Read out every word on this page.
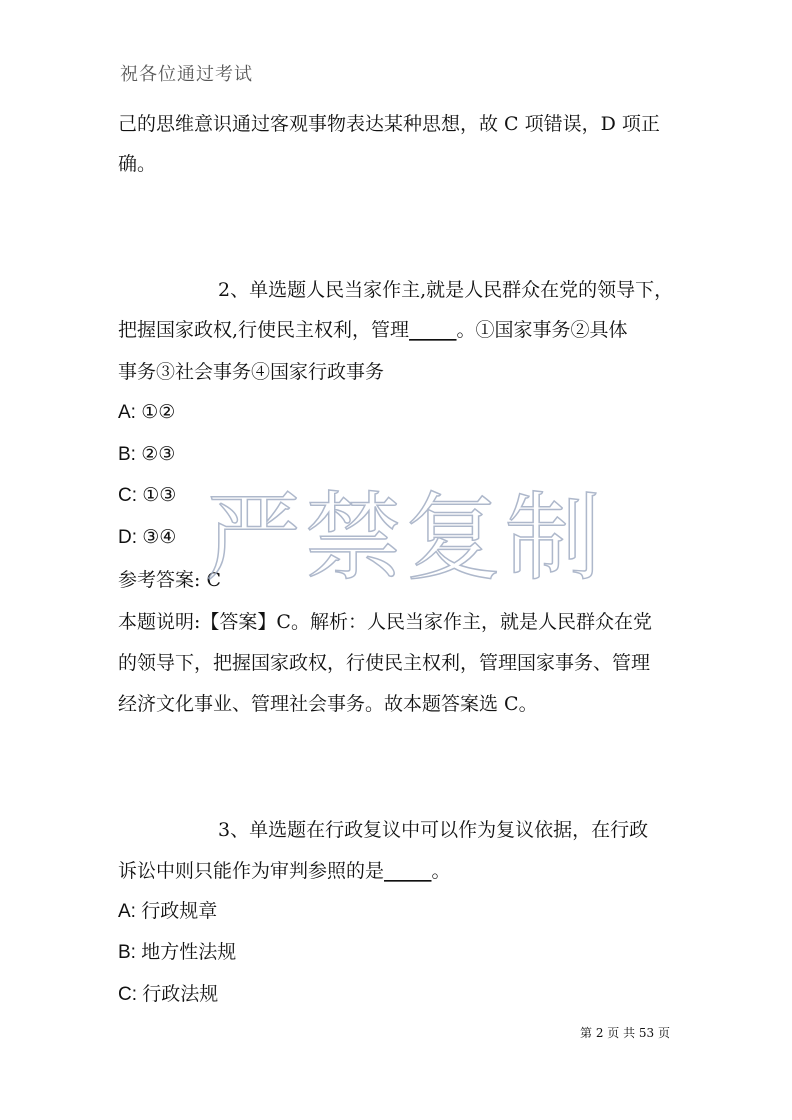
祝各位通过考试
己的思维意识通过客观事物表达某种思想，故 C 项错误，D 项正
确。
2、单选题人民当家作主,就是人民群众在党的领导下，
把握国家政权,行使民主权利，管理_____。①国家事务②具体
事务③社会事务④国家行政事务
A: ①②
B: ②③
C: ①③
D: ③④
参考答案: C
本题说明:【答案】C。解析：人民当家作主，就是人民群众在党
的领导下，把握国家政权，行使民主权利，管理国家事务、管理
经济文化事业、管理社会事务。故本题答案选 C。
3、单选题在行政复议中可以作为复议依据，在行政
诉讼中则只能作为审判参照的是_____。
A: 行政规章
B: 地方性法规
C: 行政法规
严禁复制
第 2 页 共 53 页
